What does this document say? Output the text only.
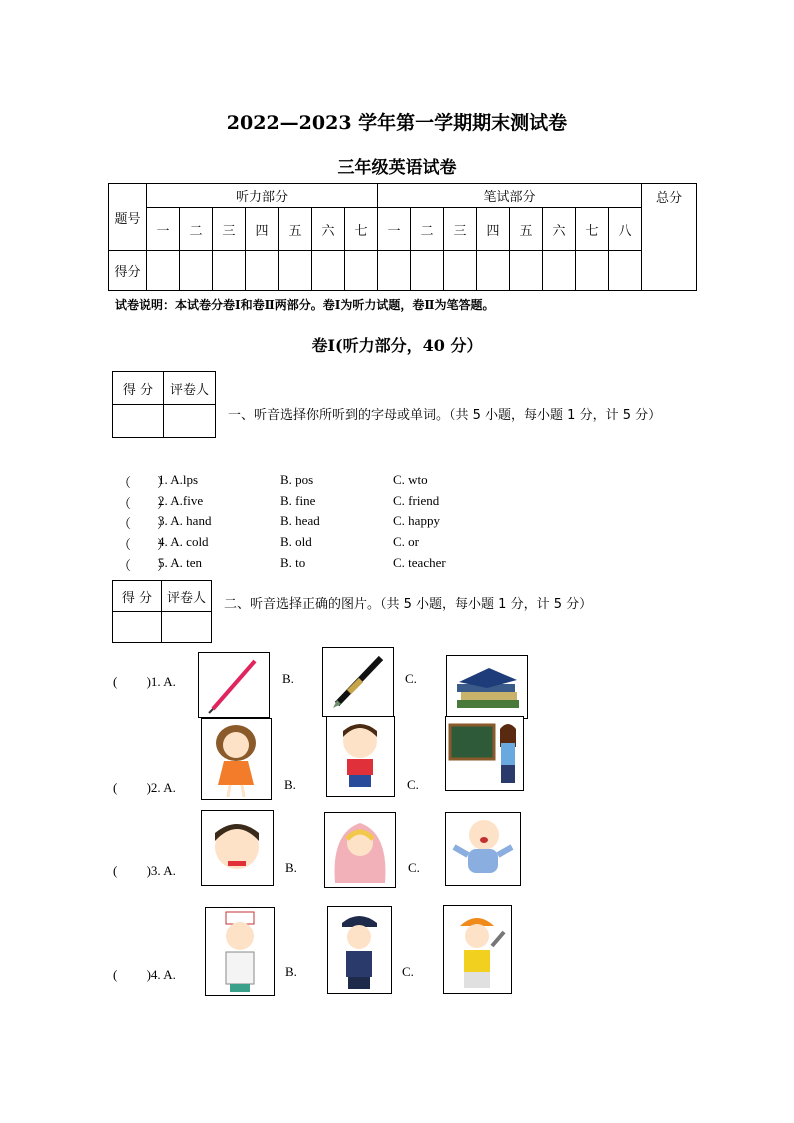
2022—2023 学年第一学期期末测试卷
三年级英语试卷
题号	听力部分							笔试部分								总分
	一	二	三	四	五	六	七	一	二	三	四	五	六	七	八	
得分																
试卷说明：本试卷分卷Ⅰ和卷Ⅱ两部分。卷Ⅰ为听力试题，卷Ⅱ为笔答题。
卷Ⅰ(听力部分，40 分）
得 分	评卷人

一、听音选择你所听到的字母或单词。（共 5 小题，每小题 1 分，计 5 分）
（　　）
1. A.lps	B. pos	C. wto
（　　）
2. A.five	B. fine	C. friend
（　　）
3. A. hand	B. head	C. happy
（　　）
4. A. cold	B. old	C. or
（　　）
5. A. ten	B. to	C. teacher
得 分	评卷人
	二、听音选择正确的图片。（共 5 小题，每小题 1 分，计 5 分）
(　　 )1. A.	B.	C.
(　　 )2. A.	B.	C.
(　　 )3. A.	B.	C.
(　　 )4. A.	B.	C.
